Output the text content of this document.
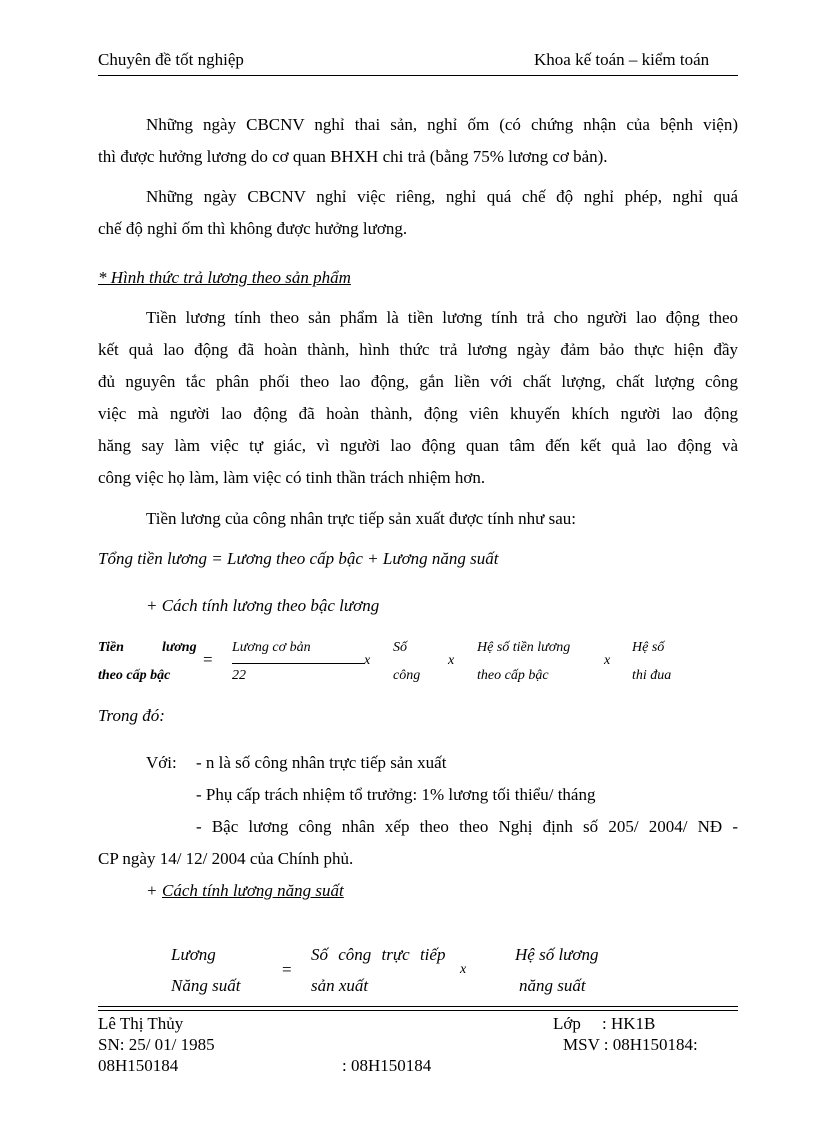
Chuyên đề tốt nghiệp	Khoa kế toán – kiểm toán
Những ngày CBCNV nghỉ thai sản, nghỉ ốm (có chứng nhận của bệnh viện)
thì được hưởng lương do cơ quan BHXH chi trả (bằng 75% lương cơ bản).
Những ngày CBCNV nghỉ việc riêng, nghỉ quá chế độ nghỉ phép, nghỉ quá
chế độ nghỉ ốm thì không được hưởng lương.
* Hình thức trả lương theo sản phẩm
Tiền lương tính theo sản phẩm là tiền lương tính trả cho người lao động theo
kết quả lao động đã hoàn thành, hình thức trả lương ngày đảm bảo thực hiện đầy
đủ nguyên tắc phân phối theo lao động, gắn liền với chất lượng, chất lượng công
việc mà người lao động đã hoàn thành, động viên khuyến khích người lao động
hăng say làm việc tự giác, vì người lao động quan tâm đến kết quả lao động và
công việc họ làm, làm việc có tinh thần trách nhiệm hơn.
Tiền lương của công nhân trực tiếp sản xuất được tính như sau:
Tổng tiền lương = Lương theo cấp bậc + Lương năng suất
+ Cách tính lương theo bậc lương
Tiền	lương
theo cấp bậc
=
Lương cơ bản
22
x
Số
công
x
Hệ số tiền lương
theo cấp bậc
x
Hệ số
thi đua
Trong đó:
Với: - n là số công nhân trực tiếp sản xuất
- Phụ cấp trách nhiệm tổ trưởng: 1% lương tối thiểu/ tháng
- Bậc lương công nhân xếp theo theo Nghị định số 205/ 2004/ NĐ -
CP ngày 14/ 12/ 2004 của Chính phủ.
+ Cách tính lương năng suất
Lương
Năng suất
=
Số công trực tiếp
sản xuất
x
Hệ số lương
năng suất
Lê Thị Thủy	Lớp : HK1B
SN: 25/ 01/ 1985	MSV : 08H150184:
08H150184	: 08H150184
